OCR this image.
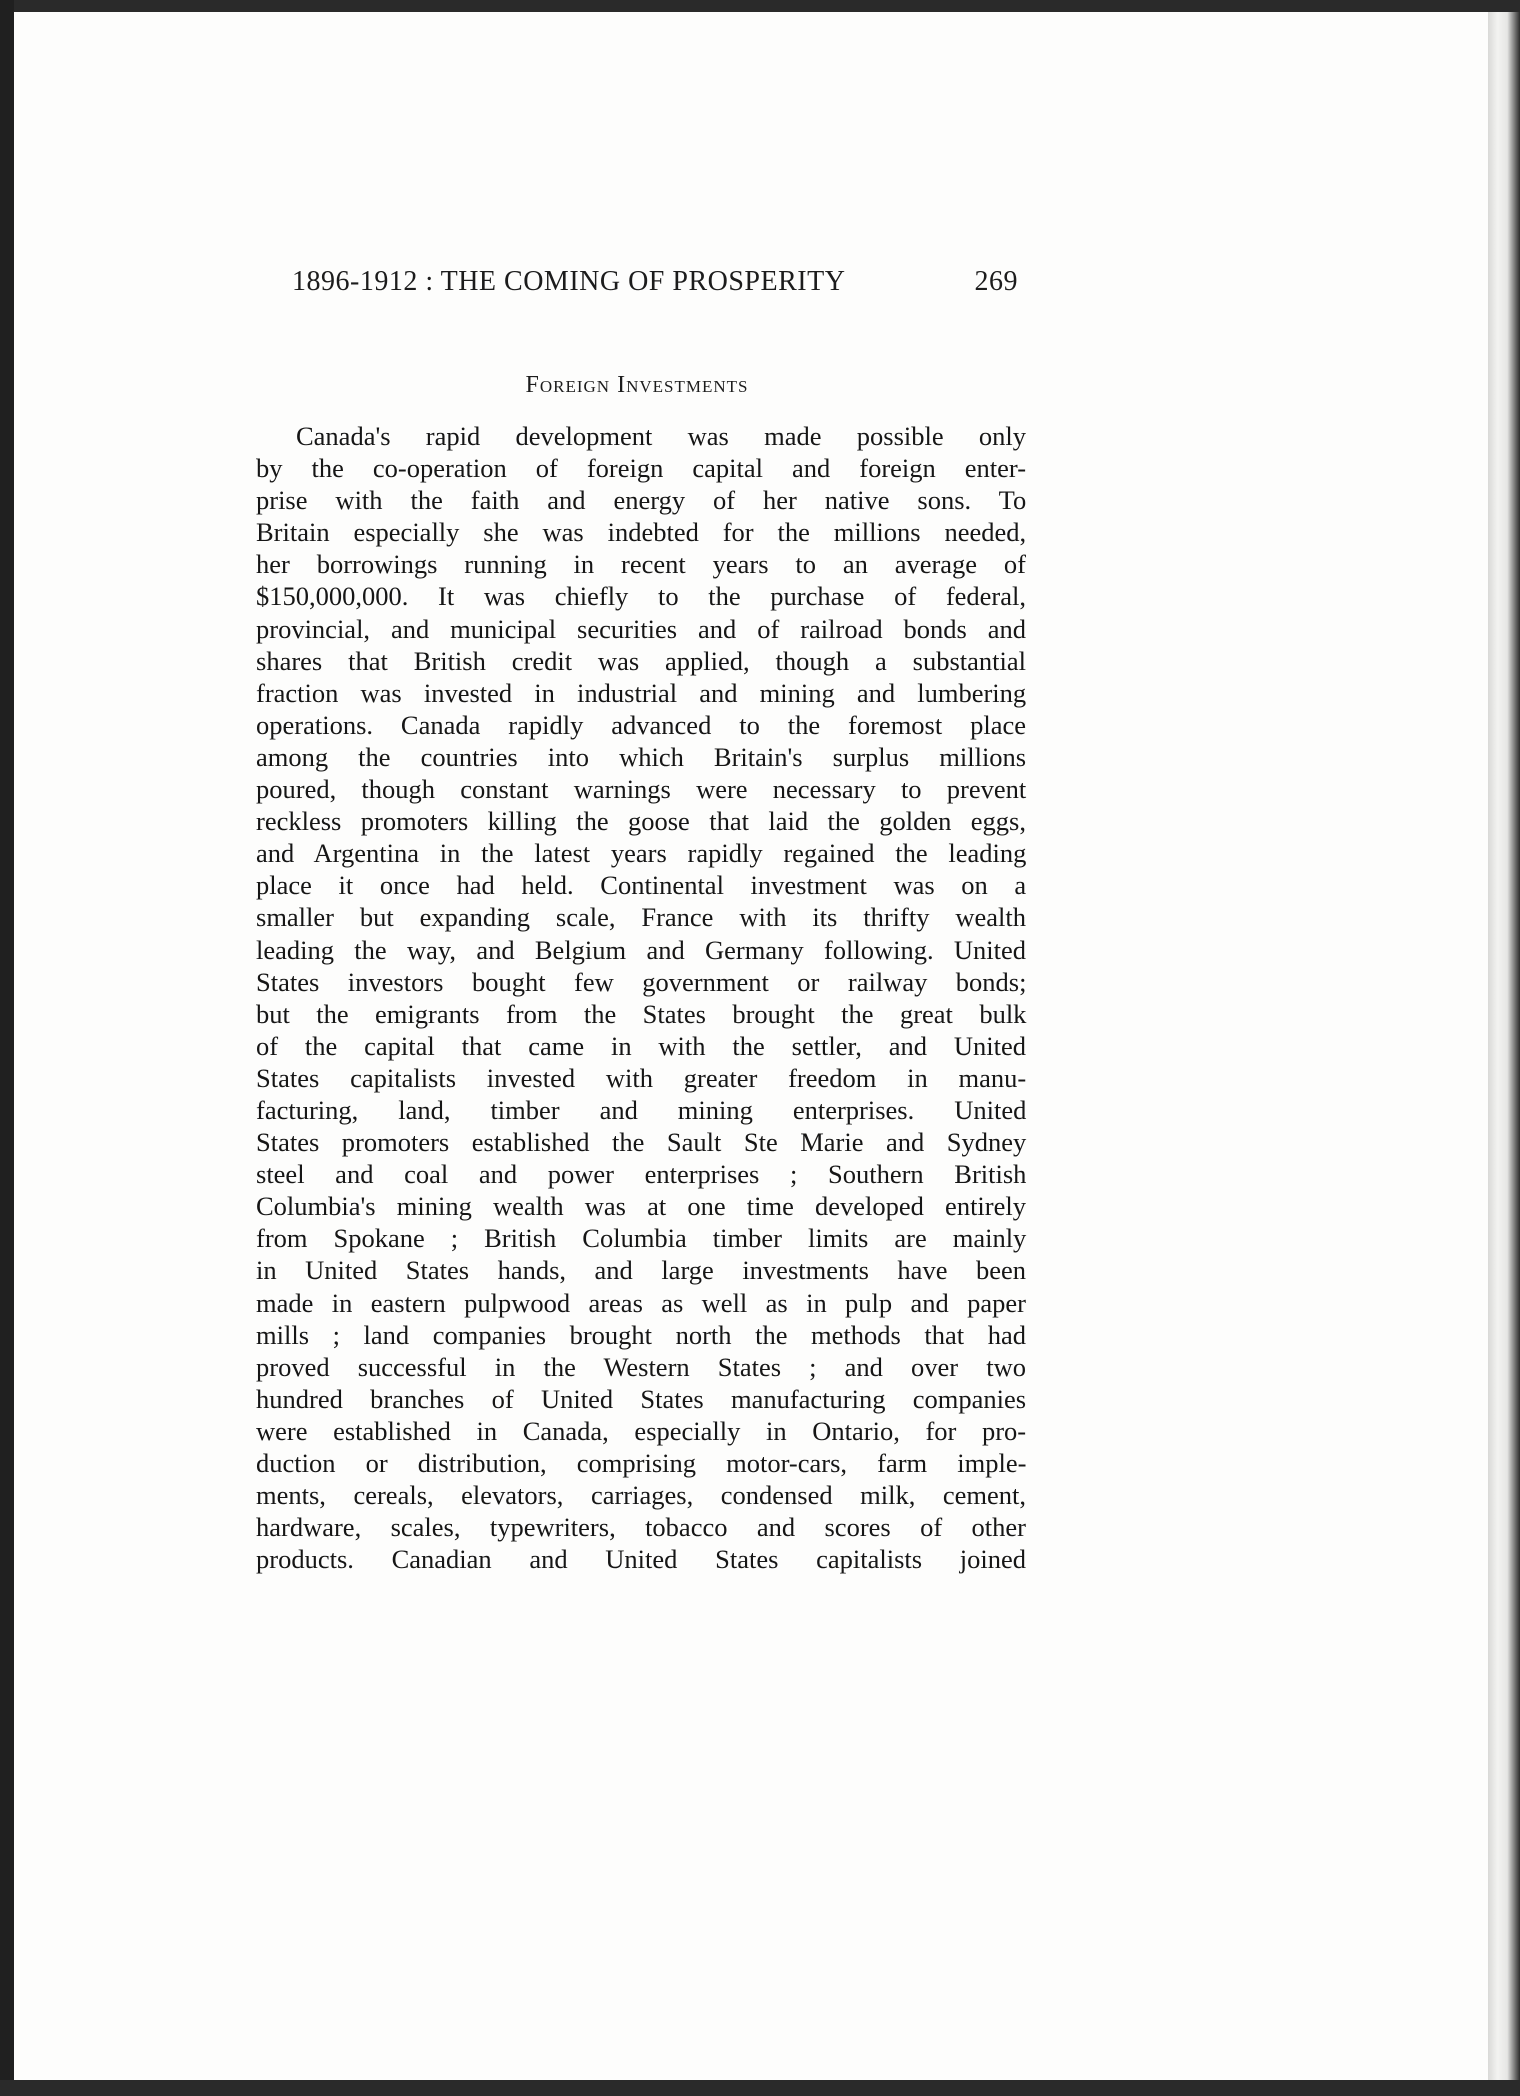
1896-1912 : THE COMING OF PROSPERITY	269
Foreign Investments
Canada's rapid development was made possible only
by the co-operation of foreign capital and foreign enter-
prise with the faith and energy of her native sons. To
Britain especially she was indebted for the millions needed,
her borrowings running in recent years to an average of
$150,000,000. It was chiefly to the purchase of federal,
provincial, and municipal securities and of railroad bonds and
shares that British credit was applied, though a substantial
fraction was invested in industrial and mining and lumbering
operations. Canada rapidly advanced to the foremost place
among the countries into which Britain's surplus millions
poured, though constant warnings were necessary to prevent
reckless promoters killing the goose that laid the golden eggs,
and Argentina in the latest years rapidly regained the leading
place it once had held. Continental investment was on a
smaller but expanding scale, France with its thrifty wealth
leading the way, and Belgium and Germany following. United
States investors bought few government or railway bonds;
but the emigrants from the States brought the great bulk
of the capital that came in with the settler, and United
States capitalists invested with greater freedom in manu-
facturing, land, timber and mining enterprises. United
States promoters established the Sault Ste Marie and Sydney
steel and coal and power enterprises ; Southern British
Columbia's mining wealth was at one time developed entirely
from Spokane ; British Columbia timber limits are mainly
in United States hands, and large investments have been
made in eastern pulpwood areas as well as in pulp and paper
mills ; land companies brought north the methods that had
proved successful in the Western States ; and over two
hundred branches of United States manufacturing companies
were established in Canada, especially in Ontario, for pro-
duction or distribution, comprising motor-cars, farm imple-
ments, cereals, elevators, carriages, condensed milk, cement,
hardware, scales, typewriters, tobacco and scores of other
products. Canadian and United States capitalists joined
